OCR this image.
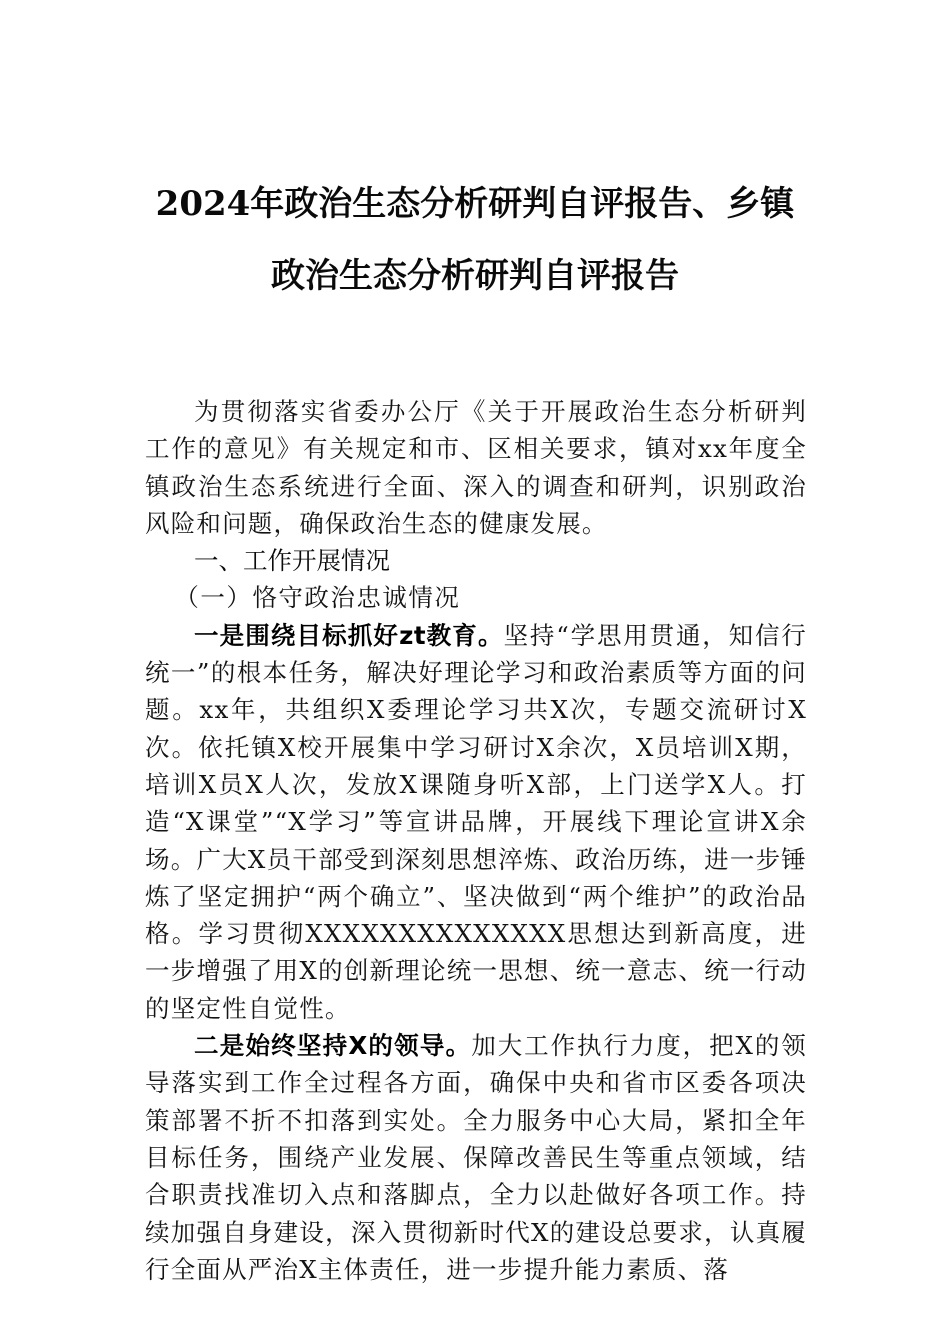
2024年政治生态分析研判自评报告、乡镇
政治生态分析研判自评报告

为贯彻落实省委办公厅《关于开展政治生态分析研判工作的意见》有关规定和市、区相关要求，镇对xx年度全镇政治生态系统进行全面、深入的调查和研判，识别政治风险和问题，确保政治生态的健康发展。

一、工作开展情况

（一）恪守政治忠诚情况

一是围绕目标抓好zt教育。坚持“学思用贯通，知信行统一”的根本任务，解决好理论学习和政治素质等方面的问题。xx年，共组织X委理论学习共X次，专题交流研讨X次。依托镇X校开展集中学习研讨X余次，X员培训X期，培训X员X人次，发放X课随身听X部，上门送学X人。打造“X课堂”“X学习”等宣讲品牌，开展线下理论宣讲X余场。广大X员干部受到深刻思想淬炼、政治历练，进一步锤炼了坚定拥护“两个确立”、坚决做到“两个维护”的政治品格。学习贯彻XXXXXXXXXXXXXX思想达到新高度，进一步增强了用X的创新理论统一思想、统一意志、统一行动的坚定性自觉性。

二是始终坚持X的领导。加大工作执行力度，把X的领导落实到工作全过程各方面，确保中央和省市区委各项决策部署不折不扣落到实处。全力服务中心大局，紧扣全年目标任务，围绕产业发展、保障改善民生等重点领域，结合职责找准切入点和落脚点，全力以赴做好各项工作。持续加强自身建设，深入贯彻新时代X的建设总要求，认真履行全面从严治X主体责任，进一步提升能力素质、落
